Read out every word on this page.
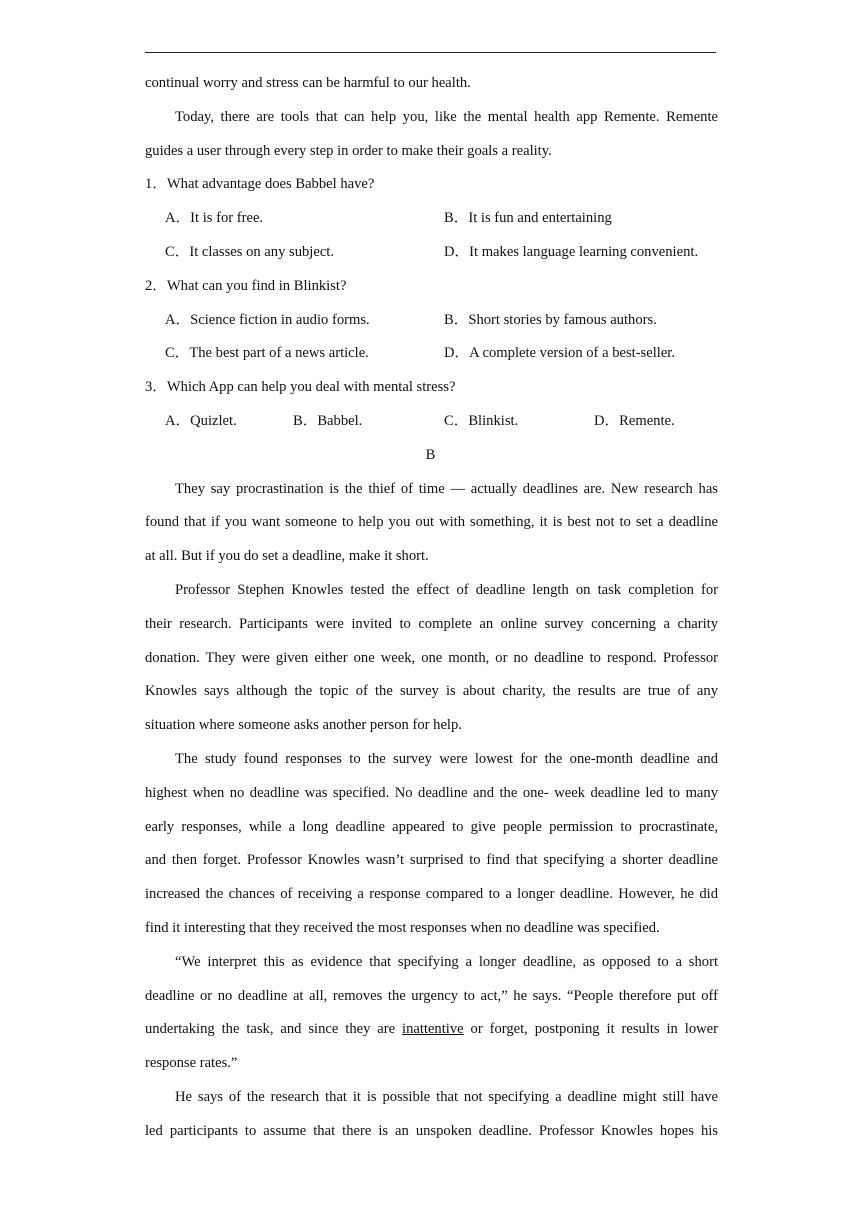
continual worry and stress can be harmful to our health.
Today, there are tools that can help you, like the mental health app Remente. Remente
guides a user through every step in order to make their goals a reality.
1．What advantage does Babbel have?
A．It is for free.	B．It is fun and entertaining
C．It classes on any subject.	D．It makes language learning convenient.
2．What can you find in Blinkist?
A．Science fiction in audio forms.	B．Short stories by famous authors.
C．The best part of a news article.	D．A complete version of a best-seller.
3．Which App can help you deal with mental stress?
A．Quizlet.	B．Babbel.	C．Blinkist.	D．Remente.
B
They say procrastination is the thief of time — actually deadlines are. New research has
found that if you want someone to help you out with something, it is best not to set a deadline
at all. But if you do set a deadline, make it short.
Professor Stephen Knowles tested the effect of deadline length on task completion for
their research. Participants were invited to complete an online survey concerning a charity
donation. They were given either one week, one month, or no deadline to respond. Professor
Knowles says although the topic of the survey is about charity, the results are true of any
situation where someone asks another person for help.
The study found responses to the survey were lowest for the one-month deadline and
highest when no deadline was specified. No deadline and the one- week deadline led to many
early responses, while a long deadline appeared to give people permission to procrastinate,
and then forget. Professor Knowles wasn’t surprised to find that specifying a shorter deadline
increased the chances of receiving a response compared to a longer deadline. However, he did
find it interesting that they received the most responses when no deadline was specified.
“We interpret this as evidence that specifying a longer deadline, as opposed to a short
deadline or no deadline at all, removes the urgency to act,” he says. “People therefore put off
undertaking the task, and since they are inattentive or forget, postponing it results in lower
response rates.”
He says of the research that it is possible that not specifying a deadline might still have
led participants to assume that there is an unspoken deadline. Professor Knowles hopes his
